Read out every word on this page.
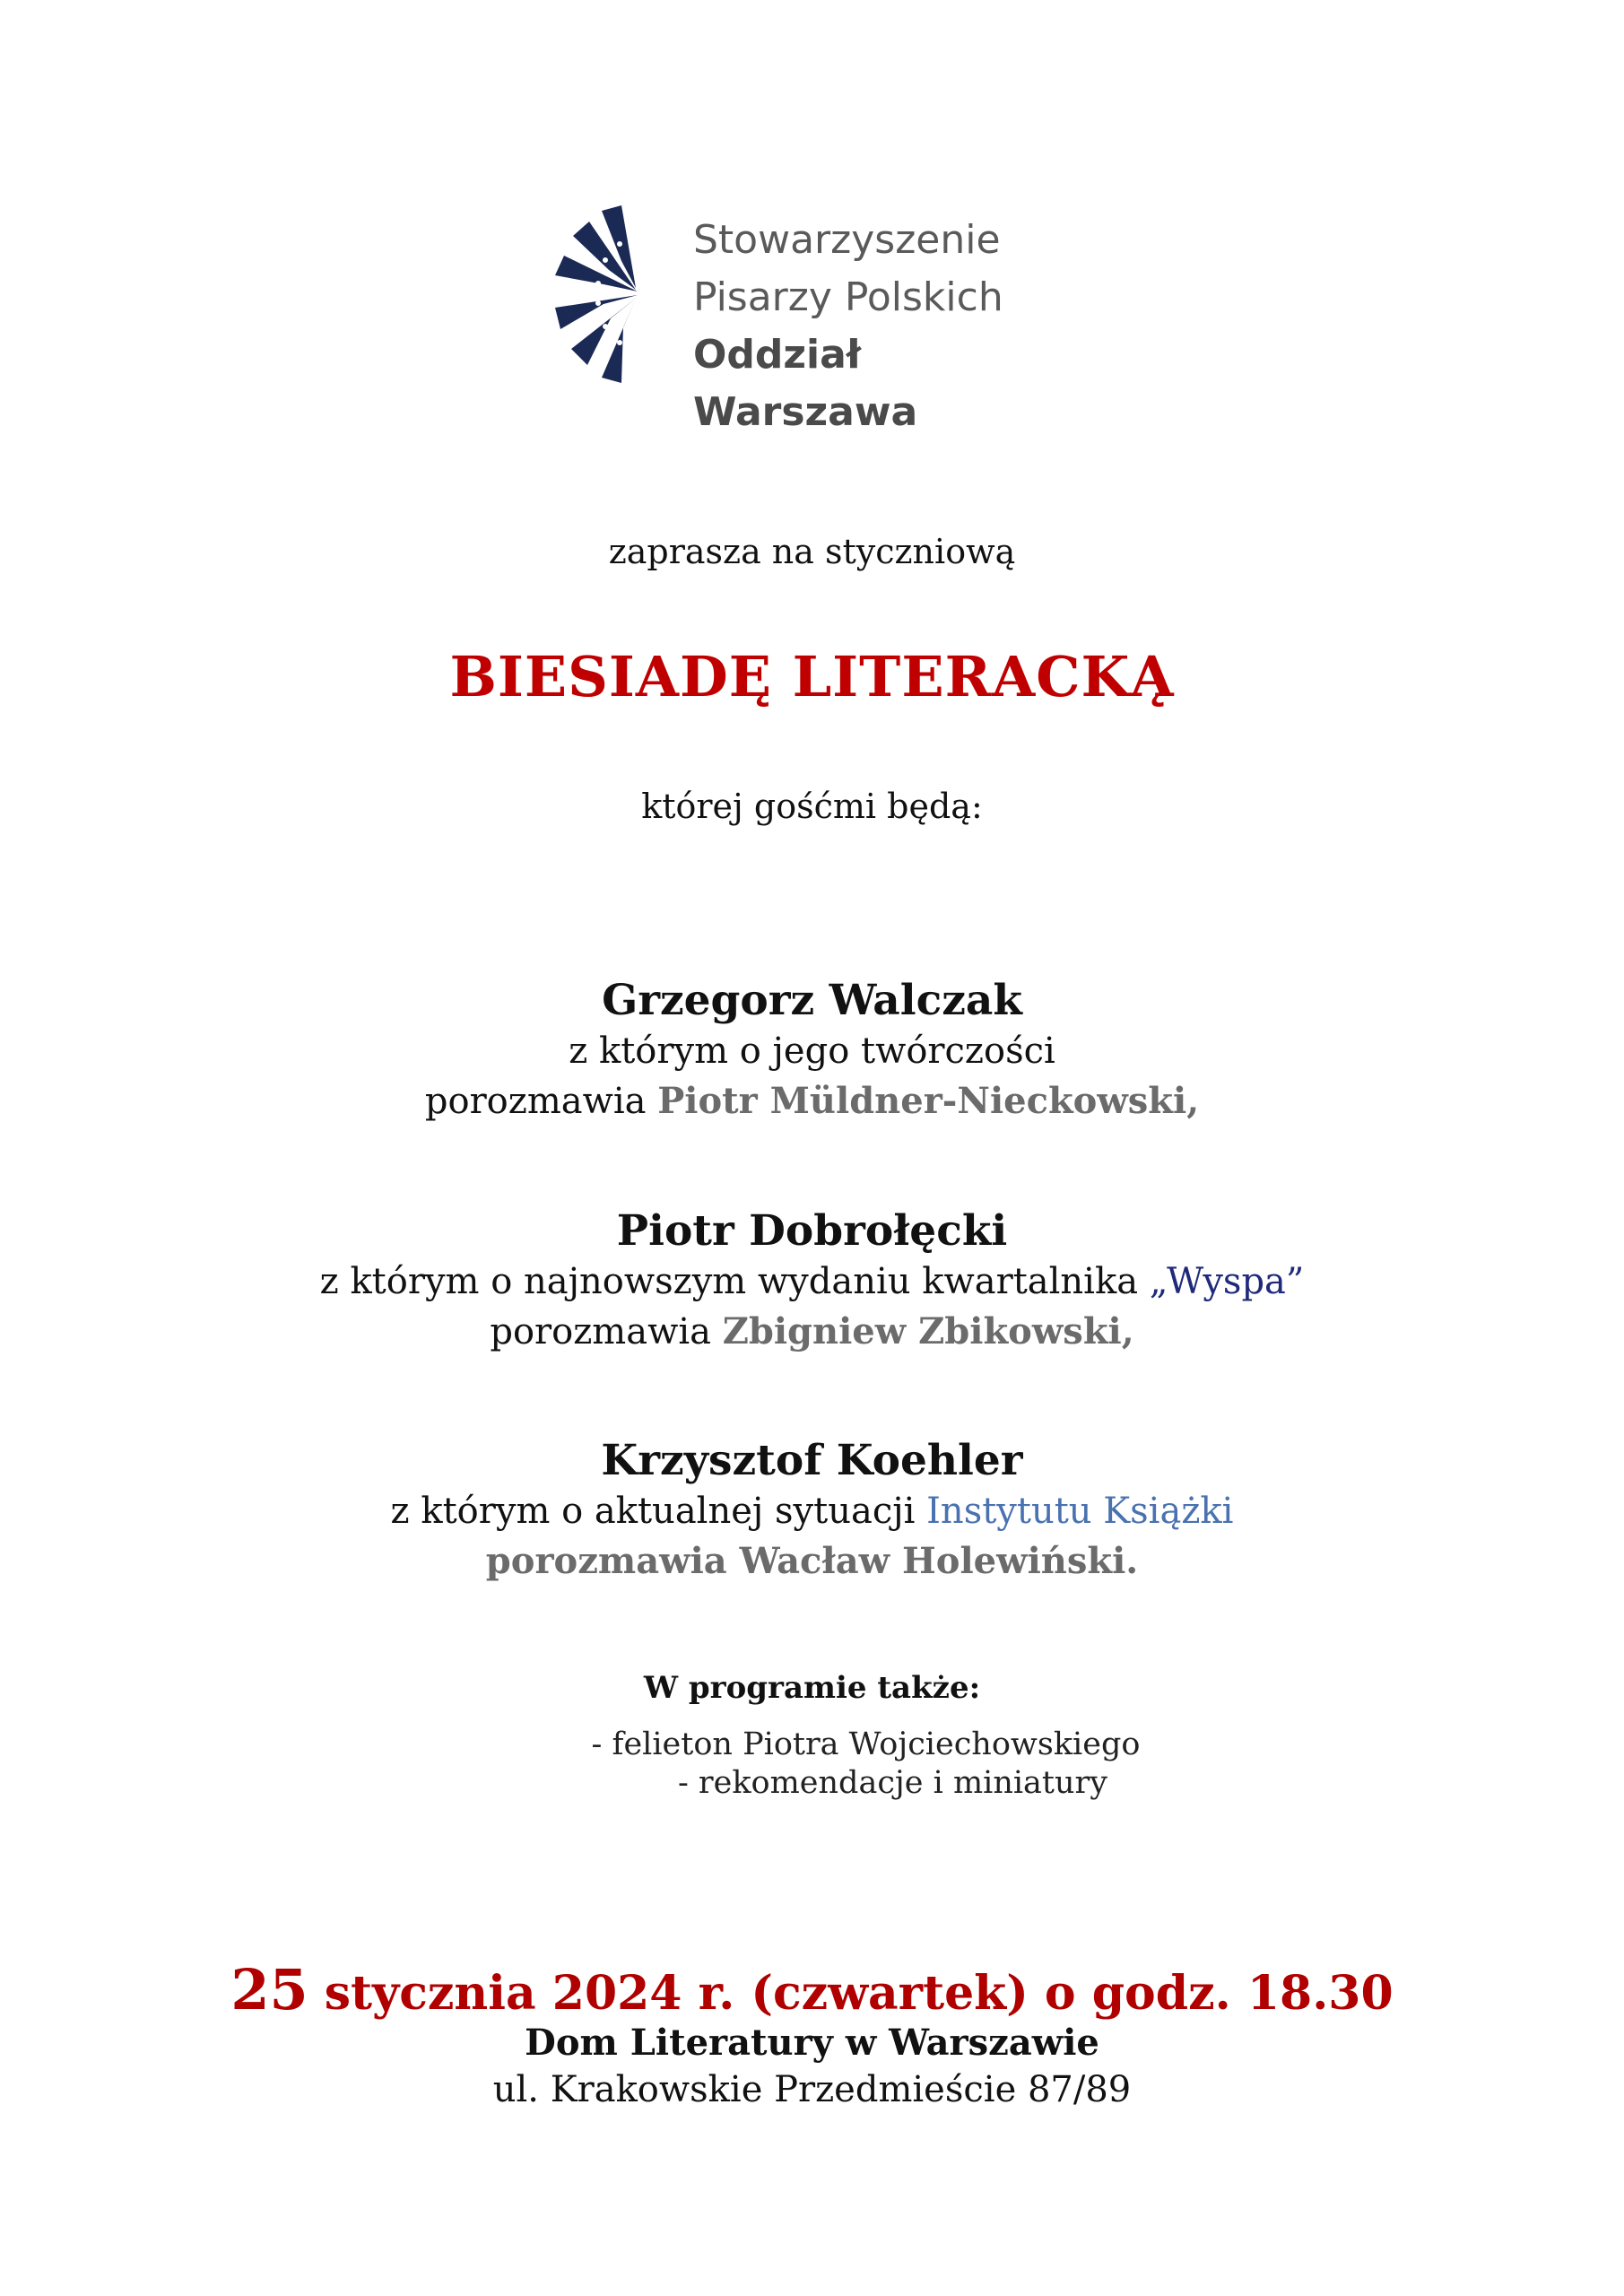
Stowarzyszenie
Pisarzy Polskich
Oddział Warszawa
zaprasza na styczniową
BIESIADĘ LITERACKĄ
której gośćmi będą:
Grzegorz Walczak
z którym o jego twórczości
porozmawia Piotr Müldner-Nieckowski,
Piotr Dobrołęcki
z którym o najnowszym wydaniu kwartalnika „Wyspa”
porozmawia Zbigniew Zbikowski,
Krzysztof Koehler
z którym o aktualnej sytuacji Instytutu Książki
porozmawia Wacław Holewiński.
W programie także:
- felieton Piotra Wojciechowskiego
- rekomendacje i miniatury
25 stycznia 2024 r. (czwartek) o godz. 18.30
Dom Literatury w Warszawie
ul. Krakowskie Przedmieście 87/89
